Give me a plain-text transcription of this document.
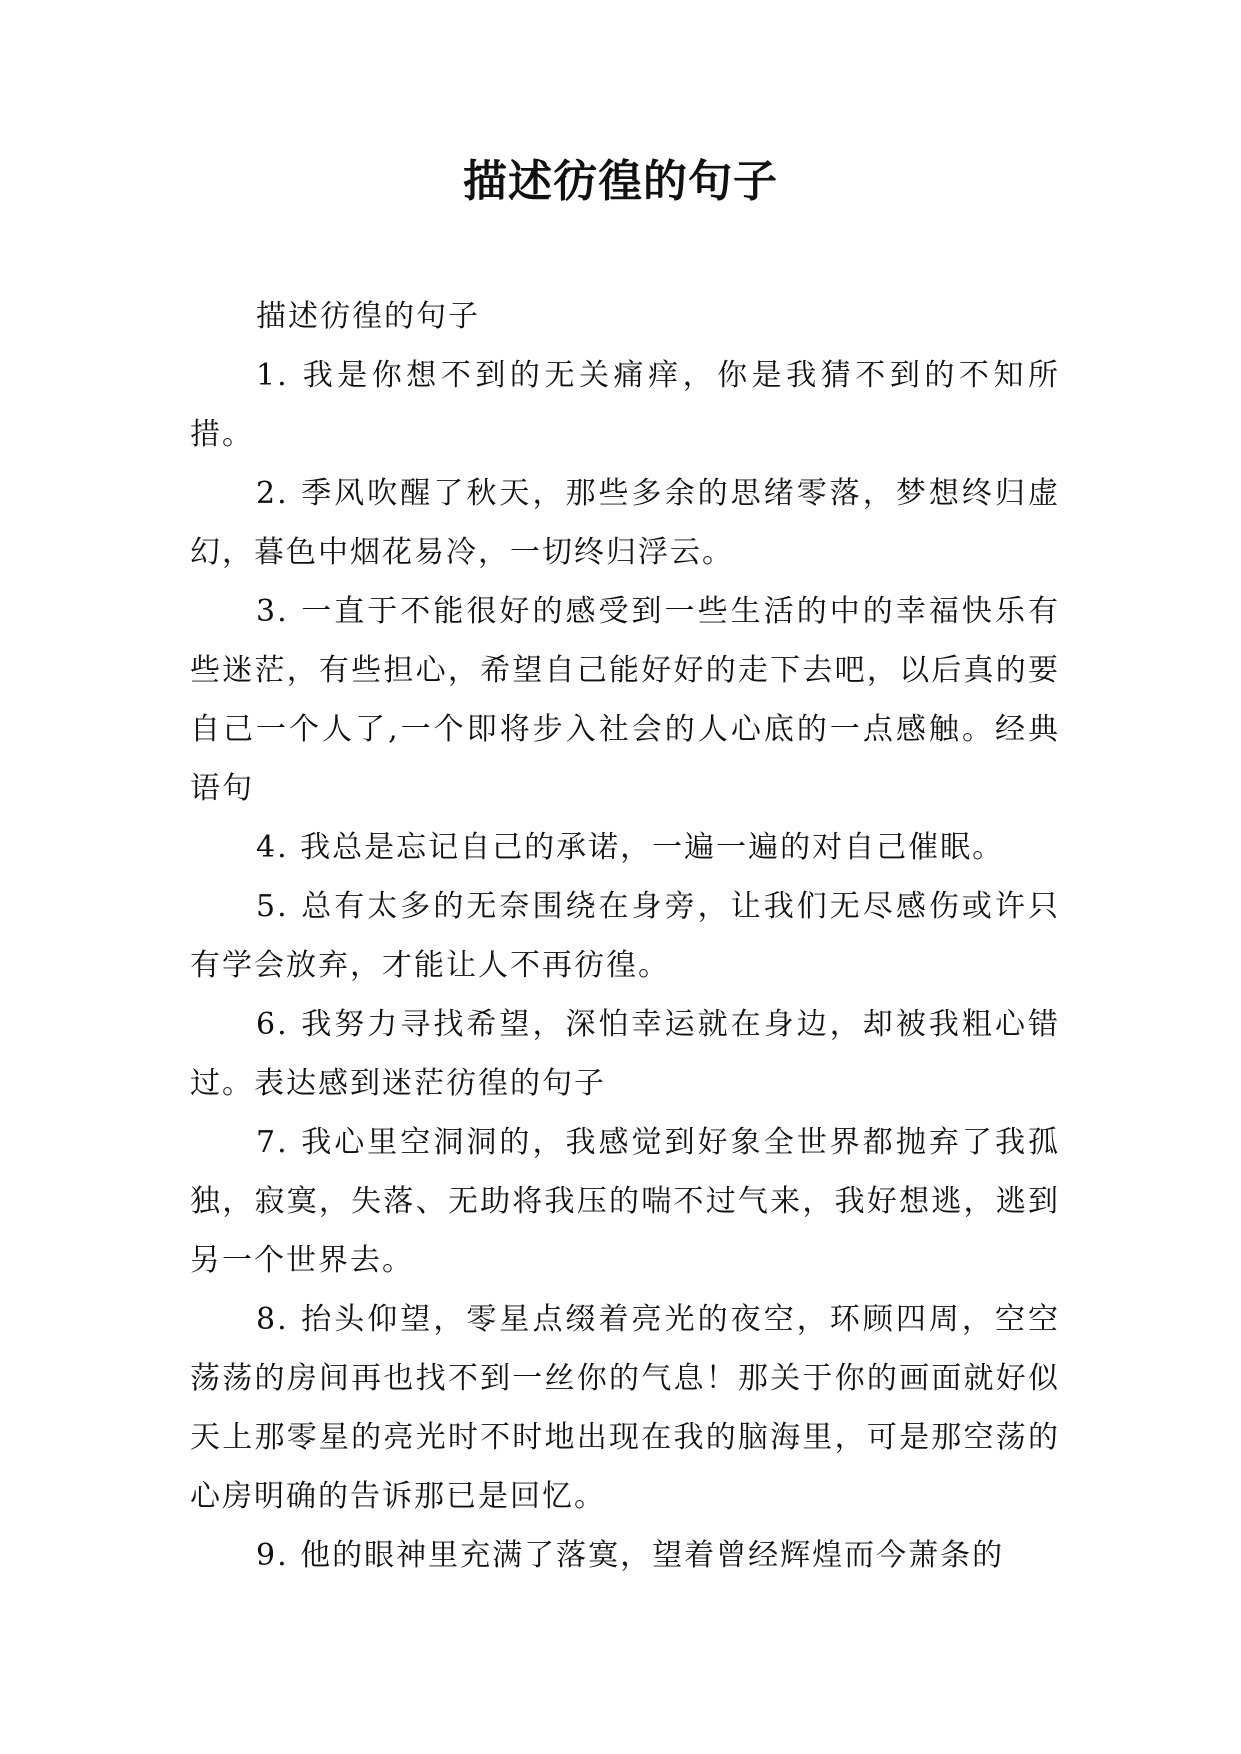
描述彷徨的句子

描述彷徨的句子

1. 我是你想不到的无关痛痒，你是我猜不到的不知所措。

2. 季风吹醒了秋天，那些多余的思绪零落，梦想终归虚幻，暮色中烟花易冷，一切终归浮云。

3. 一直于不能很好的感受到一些生活的中的幸福快乐有些迷茫，有些担心，希望自己能好好的走下去吧，以后真的要自己一个人了,一个即将步入社会的人心底的一点感触。经典语句

4. 我总是忘记自己的承诺，一遍一遍的对自己催眠。

5. 总有太多的无奈围绕在身旁，让我们无尽感伤或许只有学会放弃，才能让人不再彷徨。

6. 我努力寻找希望，深怕幸运就在身边，却被我粗心错过。表达感到迷茫彷徨的句子

7. 我心里空洞洞的，我感觉到好象全世界都抛弃了我孤独，寂寞，失落、无助将我压的喘不过气来，我好想逃，逃到另一个世界去。

8. 抬头仰望，零星点缀着亮光的夜空，环顾四周，空空荡荡的房间再也找不到一丝你的气息！那关于你的画面就好似天上那零星的亮光时不时地出现在我的脑海里，可是那空荡的心房明确的告诉那已是回忆。

9. 他的眼神里充满了落寞，望着曾经辉煌而今萧条的
